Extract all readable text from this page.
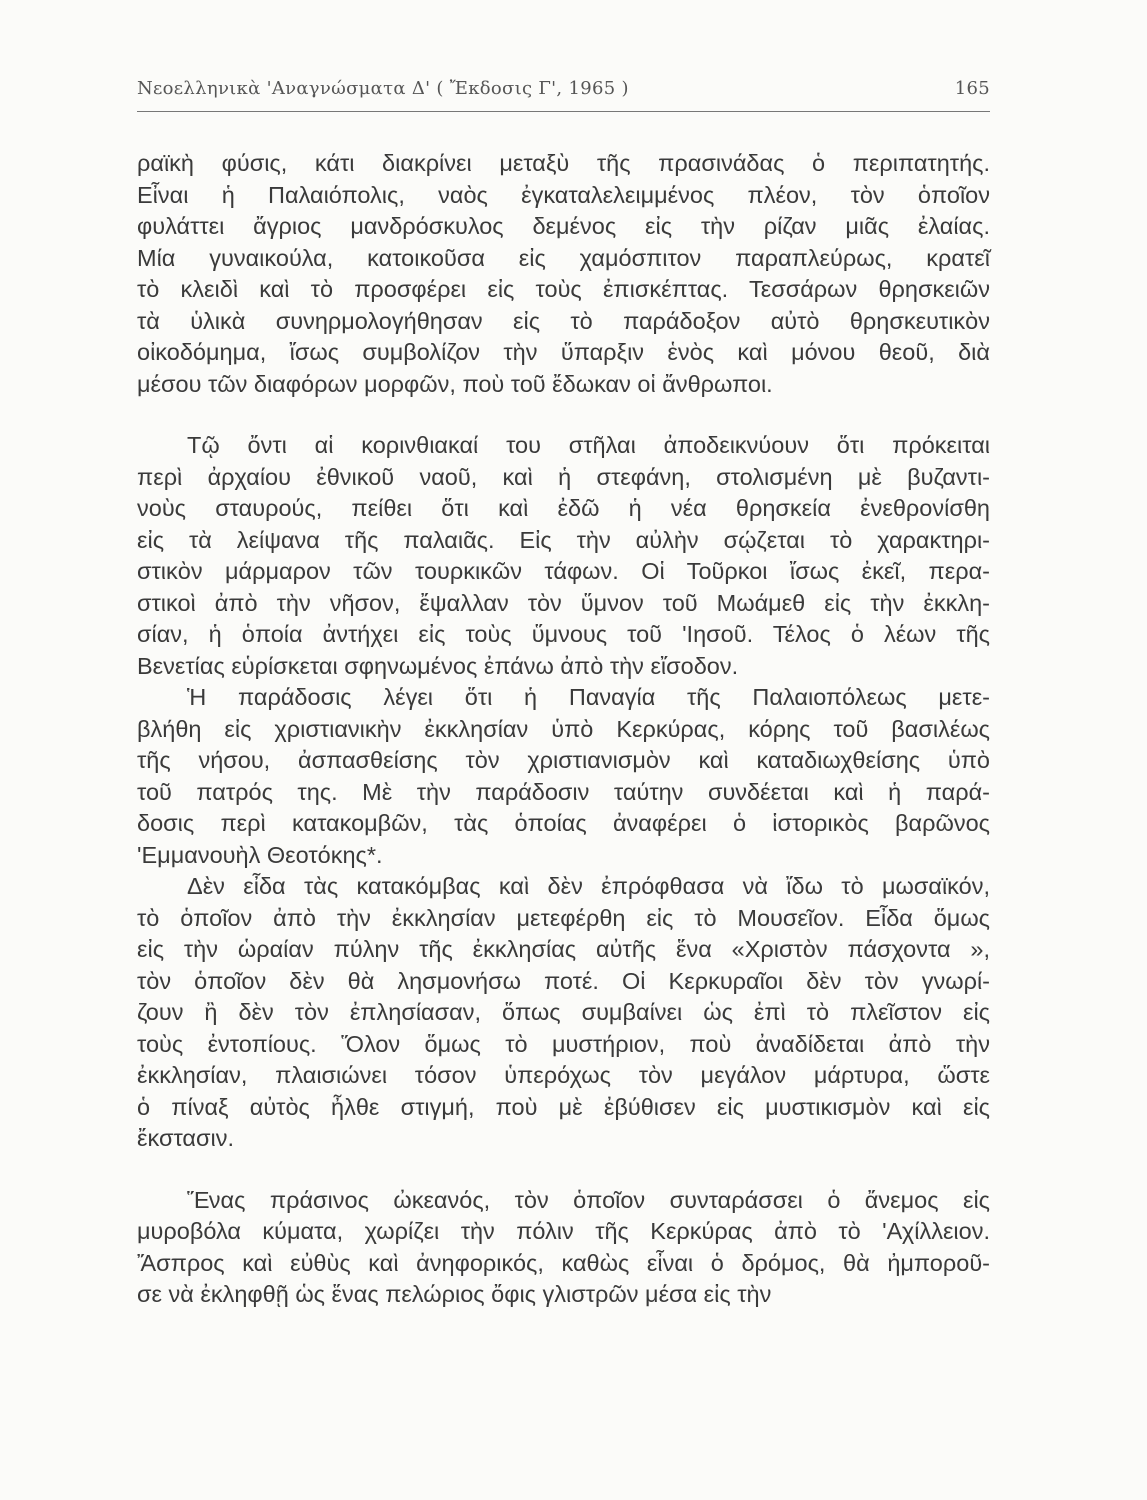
Νεοελληνικὰ 'Αναγνώσματα Δ' ( Ἔκδοσις Γ', 1965 )	165
ραϊκὴ φύσις, κάτι διακρίνει μεταξὺ τῆς πρασινάδας ὁ περιπατητής.
Εἶναι ἡ Παλαιόπολις, ναὸς ἐγκαταλελειμμένος πλέον, τὸν ὁποῖον
φυλάττει ἄγριος μανδρόσκυλος δεμένος εἰς τὴν ρίζαν μιᾶς ἐλαίας.
Μία γυναικούλα, κατοικοῦσα εἰς χαμόσπιτον παραπλεύρως, κρατεῖ
τὸ κλειδὶ καὶ τὸ προσφέρει εἰς τοὺς ἐπισκέπτας. Τεσσάρων θρησκειῶν
τὰ ὑλικὰ συνηρμολογήθησαν εἰς τὸ παράδοξον αὐτὸ θρησκευτικὸν
οἰκοδόμημα, ἴσως συμβολίζον τὴν ὕπαρξιν ἑνὸς καὶ μόνου θεοῦ, διὰ
μέσου τῶν διαφόρων μορφῶν, ποὺ τοῦ ἔδωκαν οἱ ἄνθρωποι.
Τῷ ὄντι αἱ κορινθιακαί του στῆλαι ἀποδεικνύουν ὅτι πρόκειται
περὶ ἀρχαίου ἐθνικοῦ ναοῦ, καὶ ἡ στεφάνη, στολισμένη μὲ βυζαντι-
νοὺς σταυρούς, πείθει ὅτι καὶ ἐδῶ ἡ νέα θρησκεία ἐνεθρονίσθη
εἰς τὰ λείψανα τῆς παλαιᾶς. Εἰς τὴν αὐλὴν σῴζεται τὸ χαρακτηρι-
στικὸν μάρμαρον τῶν τουρκικῶν τάφων. Οἱ Τοῦρκοι ἴσως ἐκεῖ, περα-
στικοὶ ἀπὸ τὴν νῆσον, ἔψαλλαν τὸν ὕμνον τοῦ Μωάμεθ εἰς τὴν ἐκκλη-
σίαν, ἡ ὁποία ἀντήχει εἰς τοὺς ὕμνους τοῦ 'Ιησοῦ. Τέλος ὁ λέων τῆς
Βενετίας εὑρίσκεται σφηνωμένος ἐπάνω ἀπὸ τὴν εἴσοδον.
Ἡ παράδοσις λέγει ὅτι ἡ Παναγία τῆς Παλαιοπόλεως μετε-
βλήθη εἰς χριστιανικὴν ἐκκλησίαν ὑπὸ Κερκύρας, κόρης τοῦ βασιλέως
τῆς νήσου, ἀσπασθείσης τὸν χριστιανισμὸν καὶ καταδιωχθείσης ὑπὸ
τοῦ πατρός της. Μὲ τὴν παράδοσιν ταύτην συνδέεται καὶ ἡ παρά-
δοσις περὶ κατακομβῶν, τὰς ὁποίας ἀναφέρει ὁ ἱστορικὸς βαρῶνος
'Εμμανουὴλ Θεοτόκης*.
Δὲν εἶδα τὰς κατακόμβας καὶ δὲν ἐπρόφθασα νὰ ἴδω τὸ μωσαϊκόν,
τὸ ὁποῖον ἀπὸ τὴν ἐκκλησίαν μετεφέρθη εἰς τὸ Μουσεῖον. Εἶδα ὅμως
εἰς τὴν ὡραίαν πύλην τῆς ἐκκλησίας αὐτῆς ἕνα «Χριστὸν πάσχοντα »,
τὸν ὁποῖον δὲν θὰ λησμονήσω ποτέ. Οἱ Κερκυραῖοι δὲν τὸν γνωρί-
ζουν ἢ δὲν τὸν ἐπλησίασαν, ὅπως συμβαίνει ὡς ἐπὶ τὸ πλεῖστον εἰς
τοὺς ἐντοπίους. Ὅλον ὅμως τὸ μυστήριον, ποὺ ἀναδίδεται ἀπὸ τὴν
ἐκκλησίαν, πλαισιώνει τόσον ὑπερόχως τὸν μεγάλον μάρτυρα, ὥστε
ὁ πίναξ αὐτὸς ἦλθε στιγμή, ποὺ μὲ ἐβύθισεν εἰς μυστικισμὸν καὶ εἰς
ἔκστασιν.
Ἕνας πράσινος ὠκεανός, τὸν ὁποῖον συνταράσσει ὁ ἄνεμος εἰς
μυροβόλα κύματα, χωρίζει τὴν πόλιν τῆς Κερκύρας ἀπὸ τὸ 'Αχίλλειον.
Ἄσπρος καὶ εὐθὺς καὶ ἀνηφορικός, καθὼς εἶναι ὁ δρόμος, θὰ ἠμποροῦ-
σε νὰ ἐκληφθῇ ὡς ἕνας πελώριος ὄφις γλιστρῶν μέσα εἰς τὴν
